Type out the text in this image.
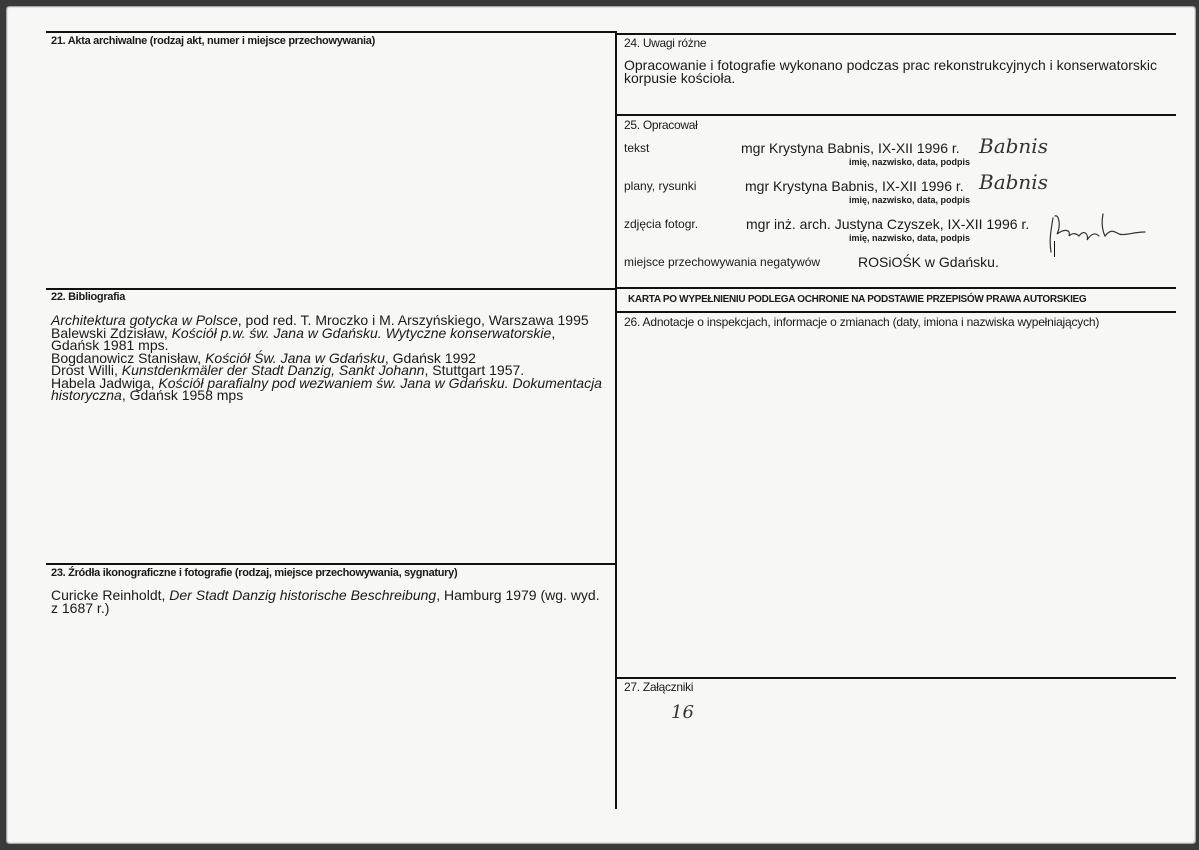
21. Akta archiwalne (rodzaj akt, numer i miejsce przechowywania)
22. Bibliografia
Architektura gotycka w Polsce, pod red. T. Mroczko i M. Arszyński​ego, Warszawa 1995
Balewski Zdzisław, Kościół p.w. św. Jana w Gdańsku. Wytyczne konserwatorskie,
Gdańsk 1981 mps.
Bogdanowicz Stanisław, Kościół Św. Jana w Gdańsku, Gdańsk 1992
Drost Willi, Kunstdenkmäler der Stadt Danzig, Sankt Johann, Stuttgart 1957.
Habela Jadwiga, Kościół parafialny pod wezwaniem św. Jana w Gdańsku. Dokumentacja
historyczna, Gdańsk 1958 mps
23. Źródła ikonograficzne i fotografie (rodzaj, miejsce przechowywania, sygnatury)
Curicke Reinholdt, Der Stadt Danzig historische Beschreibung, Hamburg 1979 (wg. wyd.
z 1687 r.)
24. Uwagi różne
Opracowanie i fotografie wykonano podczas prac rekonstrukcyjnych i konserwatorskic
korpusie kościoła.
25. Opracował
tekst	mgr Krystyna Babnis, IX-XII 1996 r.
imię, nazwisko, data, podpis
Babnis
plany, rysunki	mgr Krystyna Babnis, IX-XII 1996 r.
imię, nazwisko, data, podpis
Babnis
zdjęcia fotogr.	mgr inż. arch. Justyna Czyszek, IX-XII 1996 r.
imię, nazwisko, data, podpis
miejsce przechowywania negatywów	ROSiOŚK w Gdańsku.
KARTA PO WYPEŁNIENIU PODLEGA OCHRONIE NA PODSTAWIE PRZEPISÓW PRAWA AUTORSKIEG
26. Adnotacje o inspekcjach, informacje o zmianach (daty, imiona i nazwiska wypełniających)
27. Załączniki
16
